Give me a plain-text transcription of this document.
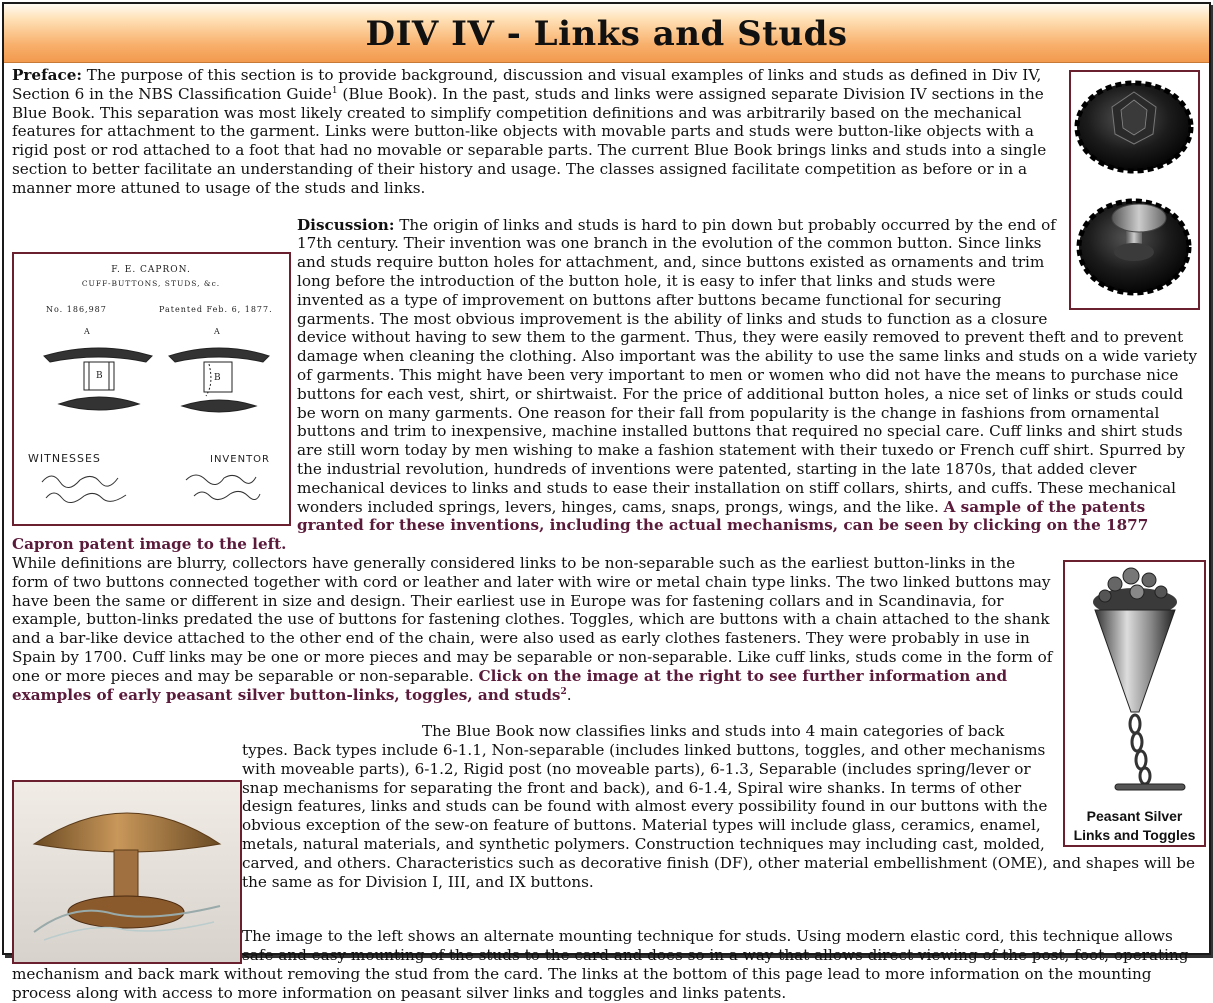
DIV IV - Links and Studs

Preface: The purpose of this section is to provide background, discussion and visual examples of links and studs as defined in Div IV, Section 6 in the NBS Classification Guide$^1$ (Blue Book). In the past, studs and links were assigned separate Division IV sections in the Blue Book. This separation was most likely created to simplify competition definitions and was arbitrarily based on the mechanical features for attachment to the garment. Links were button-like objects with movable parts and studs were button-like objects with a rigid post or rod attached to a foot that had no movable or separable parts. The current Blue Book brings links and studs into a single section to better facilitate an understanding of their history and usage. The classes assigned facilitate competition as before or in a manner more attuned to usage of the studs and links.

F. E. CAPRON.
CUFF-BUTTONS, STUDS, &c.
No. 186,987	Patented Feb. 6, 1877.
B
A
B
A
WITNESSES	INVENTOR

Discussion: The origin of links and studs is hard to pin down but probably occurred by the end of 17th century. Their invention was one branch in the evolution of the common button. Since links and studs require button holes for attachment, and, since buttons existed as ornaments and trim long before the introduction of the button hole, it is easy to infer that links and studs were invented as a type of improvement on buttons after buttons became functional for securing garments. The most obvious improvement is the ability of links and studs to function as a closure device without having to sew them to the garment. Thus, they were easily removed to prevent theft and to prevent damage when cleaning the clothing. Also important was the ability to use the same links and studs on a wide variety of garments. This might have been very important to men or women who did not have the means to purchase nice buttons for each vest, shirt, or shirtwaist. For the price of additional button holes, a nice set of links or studs could be worn on many garments. One reason for their fall from popularity is the change in fashions from ornamental buttons and trim to inexpensive, machine installed buttons that required no special care. Cuff links and shirt studs are still worn today by men wishing to make a fashion statement with their tuxedo or French cuff shirt. Spurred by the industrial revolution, hundreds of inventions were patented, starting in the late 1870s, that added clever mechanical devices to links and studs to ease their installation on stiff collars, shirts, and cuffs. These mechanical wonders included springs, levers, hinges, cams, snaps, prongs, wings, and the like. A sample of the patents granted for these inventions, including the actual mechanisms, can be seen by clicking on the 1877 Capron patent image to the left.

Peasant Silver
Links and Toggles

While definitions are blurry, collectors have generally considered links to be non-separable such as the earliest button-links in the form of two buttons connected together with cord or leather and later with wire or metal chain type links. The two linked buttons may have been the same or different in size and design. Their earliest use in Europe was for fastening collars and in Scandinavia, for example, button-links predated the use of buttons for fastening clothes. Toggles, which are buttons with a chain attached to the shank and a bar-like device attached to the other end of the chain, were also used as early clothes fasteners. They were probably in use in Spain by 1700. Cuff links may be one or more pieces and may be separable or non-separable. Like cuff links, studs come in the form of one or more pieces and may be separable or non-separable. Click on the image at the right to see further information and examples of early peasant silver button-links, toggles, and studs$^2$.

The Blue Book now classifies links and studs into 4 main categories of back types. Back types include 6-1.1, Non-separable (includes linked buttons, toggles, and other mechanisms with moveable parts), 6-1.2, Rigid post (no moveable parts), 6-1.3, Separable (includes spring/lever or snap mechanisms for separating the front and back), and 6-1.4, Spiral wire shanks. In terms of other design features, links and studs can be found with almost every possibility found in our buttons with the obvious exception of the sew-on feature of buttons. Material types will include glass, ceramics, enamel, metals, natural materials, and synthetic polymers. Construction techniques may including cast, molded, carved, and others. Characteristics such as decorative finish (DF), other material embellishment (OME), and shapes will be the same as for Division I, III, and IX buttons.

The image to the left shows an alternate mounting technique for studs. Using modern elastic cord, this technique allows safe and easy mounting of the studs to the card and does so in a way that allows direct viewing of the post, foot, operating mechanism and back mark without removing the stud from the card. The links at the bottom of this page lead to more information on the mounting process along with access to more information on peasant silver links and toggles and links patents.
